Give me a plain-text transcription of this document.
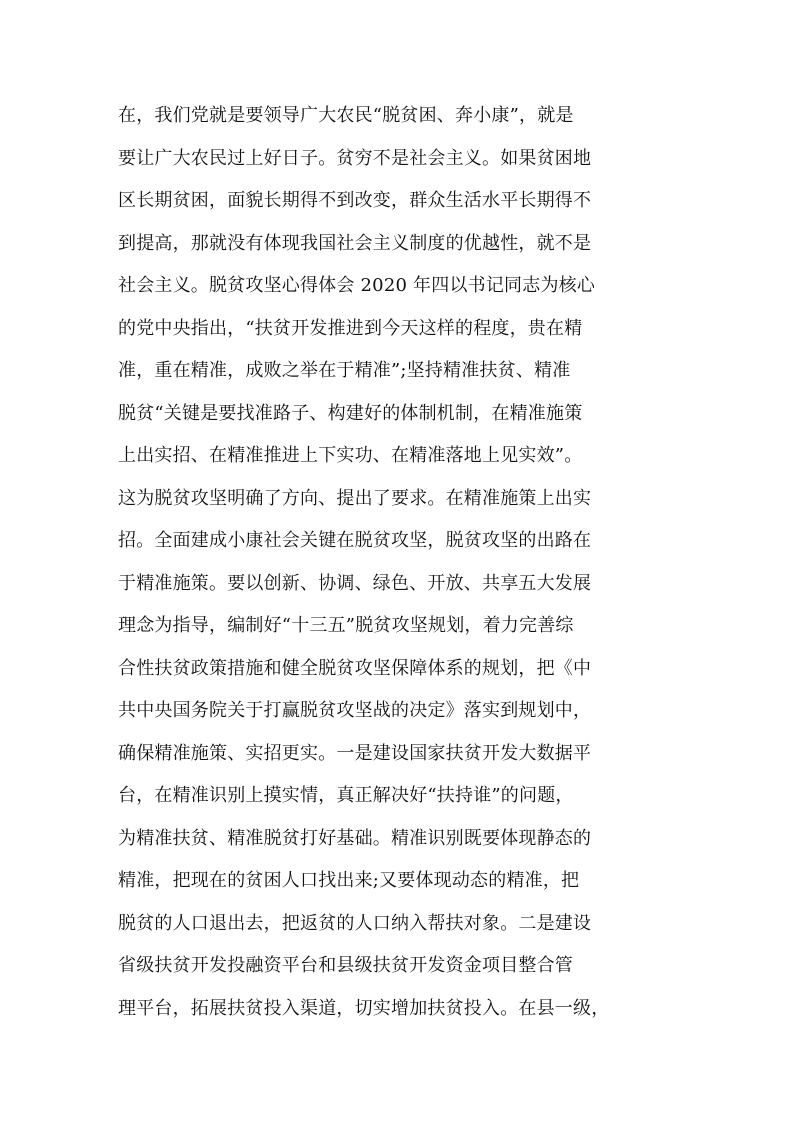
在，我们党就是要领导广大农民“脱贫困、奔小康”，就是
要让广大农民过上好日子。贫穷不是社会主义。如果贫困地
区长期贫困，面貌长期得不到改变，群众生活水平长期得不
到提高，那就没有体现我国社会主义制度的优越性，就不是
社会主义。脱贫攻坚心得体会 2020 年四以书记同志为核心
的党中央指出，“扶贫开发推进到今天这样的程度，贵在精
准，重在精准，成败之举在于精准”;坚持精准扶贫、精准
脱贫“关键是要找准路子、构建好的体制机制，在精准施策
上出实招、在精准推进上下实功、在精准落地上见实效”。
这为脱贫攻坚明确了方向、提出了要求。在精准施策上出实
招。全面建成小康社会关键在脱贫攻坚，脱贫攻坚的出路在
于精准施策。要以创新、协调、绿色、开放、共享五大发展
理念为指导，编制好“十三五”脱贫攻坚规划，着力完善综
合性扶贫政策措施和健全脱贫攻坚保障体系的规划，把《中
共中央国务院关于打赢脱贫攻坚战的决定》落实到规划中，
确保精准施策、实招更实。一是建设国家扶贫开发大数据平
台，在精准识别上摸实情，真正解决好“扶持谁”的问题，
为精准扶贫、精准脱贫打好基础。精准识别既要体现静态的
精准，把现在的贫困人口找出来;又要体现动态的精准，把
脱贫的人口退出去，把返贫的人口纳入帮扶对象。二是建设
省级扶贫开发投融资平台和县级扶贫开发资金项目整合管
理平台，拓展扶贫投入渠道，切实增加扶贫投入。在县一级，
